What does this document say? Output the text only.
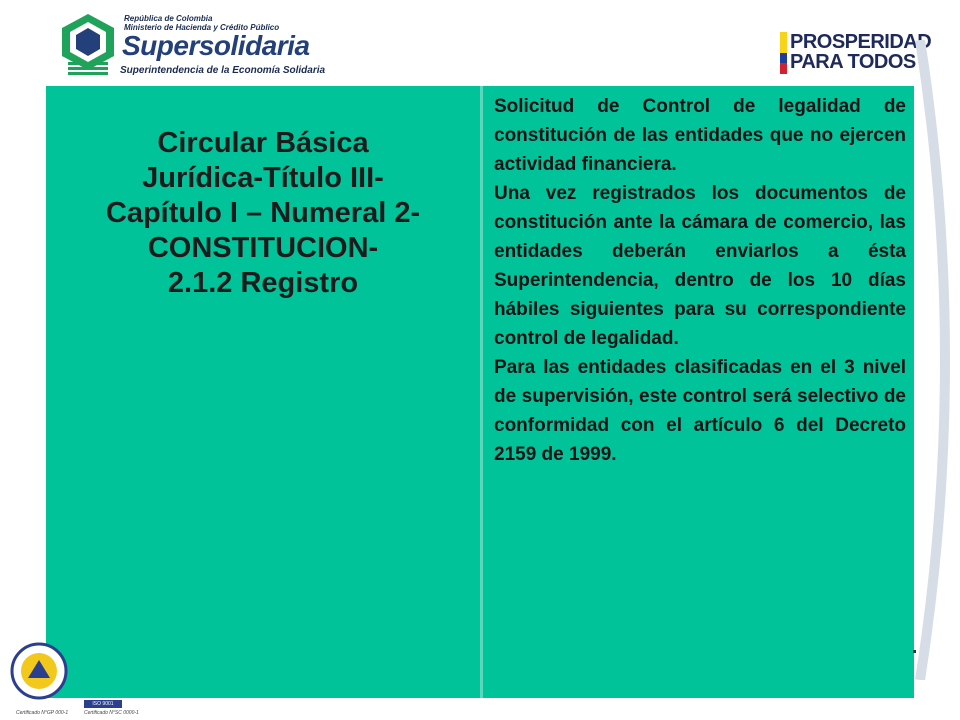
República de Colombia
Ministerio de Hacienda y Crédito Público
Supersolidaria
Superintendencia de la Economía Solidaria
PROSPERIDAD
PARA TODOS
Circular Básica
Jurídica-Título III-
Capítulo I – Numeral 2-
CONSTITUCION-
2.1.2 Registro
Solicitud de Control de legalidad de constitución de las entidades que no ejercen actividad financiera.
Una vez registrados los documentos de constitución ante la cámara de comercio, las entidades deberán enviarlos a ésta Superintendencia, dentro de los 10 días hábiles siguientes para su correspondiente control de legalidad.
Para las entidades clasificadas en el 3 nivel de supervisión, este control será selectivo de conformidad con el artículo 6 del Decreto 2159 de 1999.
ISO 9001
Certificado N°GP 000-1	Certificado N°SC 0000-1
